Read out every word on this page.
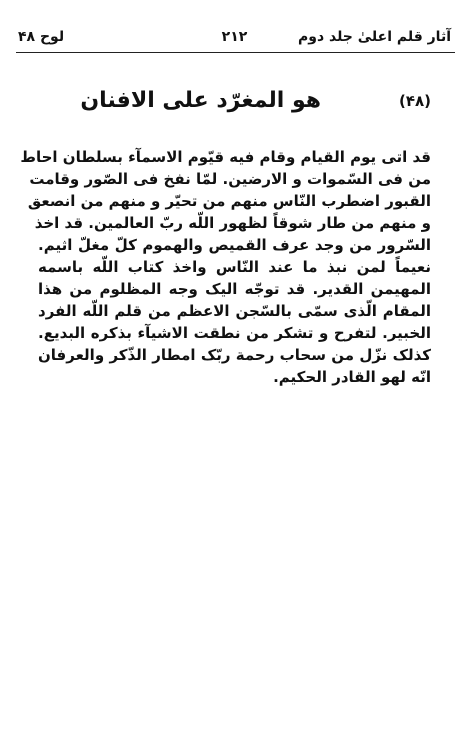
آثار قلم اعلیٰ جلد دوم
۲۱۲
لوح ۴۸
(۴۸)
هو المغرّد علی الافنان
قد اتی یوم القیام وقام فیه قیّوم الاسمآء بسلطان احاط
من فی السّموات و الارضین. لمّا نفخ فی الصّور وقامت
القبور اضطرب النّاس منهم من تحیّر و منهم من انصعق
و منهم من طار شوقاً لظهور اللّه ربّ العالمین. قد اخذ
السّرور من وجد عرف القمیص والهموم کلّ مغلّ اثیم.
نعیماً لمن نبذ ما عند النّاس واخذ کتاب اللّه باسمه
المهیمن القدیر. قد توجّه الیک وجه المظلوم من هذا
المقام الّذی سمّی بالسّجن الاعظم من قلم اللّه الفرد
الخبیر. لتفرح و تشکر من نطقت الاشیآء بذکره البدیع.
کذلک نزّل من سحاب رحمة ربّک امطار الذّکر والعرفان
انّه لهو القادر الحکیم.
